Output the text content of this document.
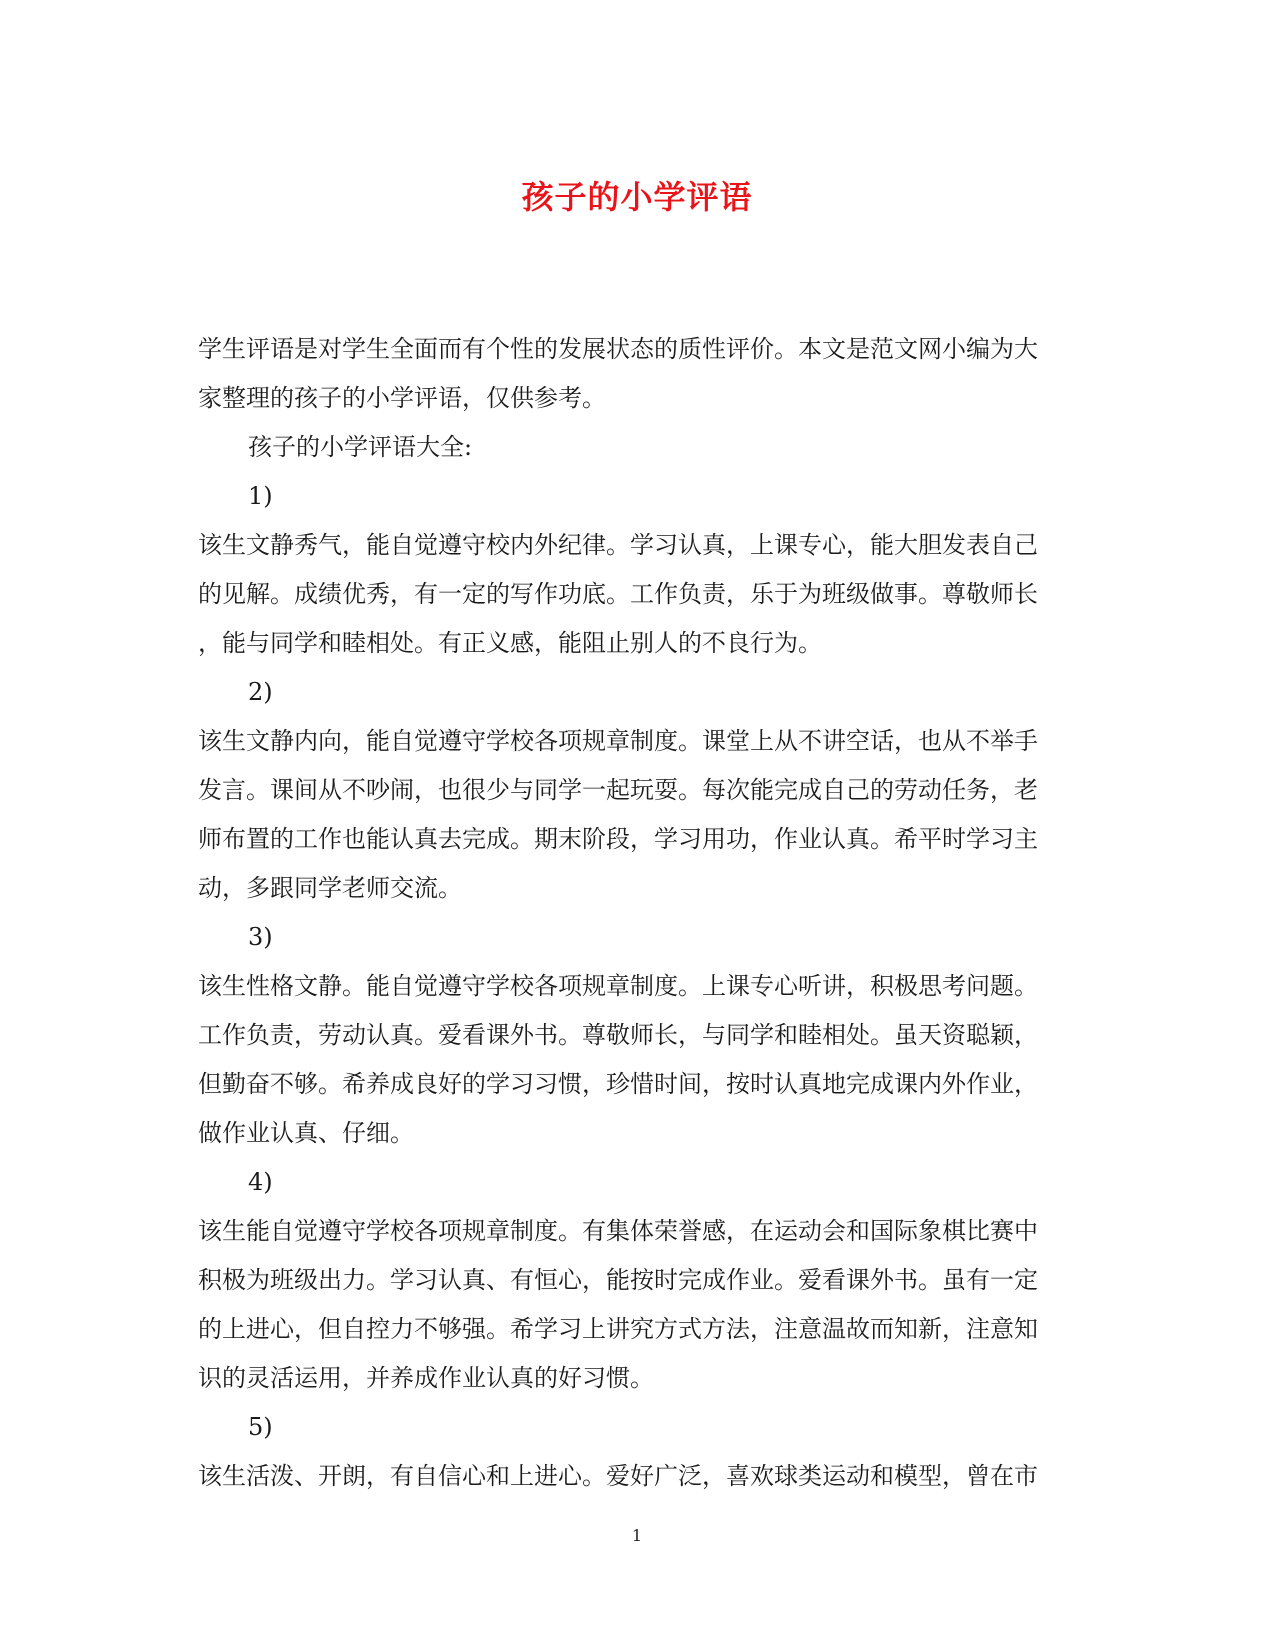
孩子的小学评语

学生评语是对学生全面而有个性的发展状态的质性评价。本文是范文网小编为大
家整理的孩子的小学评语，仅供参考。

孩子的小学评语大全:

1)

该生文静秀气，能自觉遵守校内外纪律。学习认真，上课专心，能大胆发表自己
的见解。成绩优秀，有一定的写作功底。工作负责，乐于为班级做事。尊敬师长
，能与同学和睦相处。有正义感，能阻止别人的不良行为。

2)

该生文静内向，能自觉遵守学校各项规章制度。课堂上从不讲空话，也从不举手
发言。课间从不吵闹，也很少与同学一起玩耍。每次能完成自己的劳动任务，老
师布置的工作也能认真去完成。期末阶段，学习用功，作业认真。希平时学习主
动，多跟同学老师交流。

3)

该生性格文静。能自觉遵守学校各项规章制度。上课专心听讲，积极思考问题。
工作负责，劳动认真。爱看课外书。尊敬师长，与同学和睦相处。虽天资聪颖，
但勤奋不够。希养成良好的学习习惯，珍惜时间，按时认真地完成课内外作业，
做作业认真、仔细。

4)

该生能自觉遵守学校各项规章制度。有集体荣誉感，在运动会和国际象棋比赛中
积极为班级出力。学习认真、有恒心，能按时完成作业。爱看课外书。虽有一定
的上进心，但自控力不够强。希学习上讲究方式方法，注意温故而知新，注意知
识的灵活运用，并养成作业认真的好习惯。

5)

该生活泼、开朗，有自信心和上进心。爱好广泛，喜欢球类运动和模型，曾在市

1
